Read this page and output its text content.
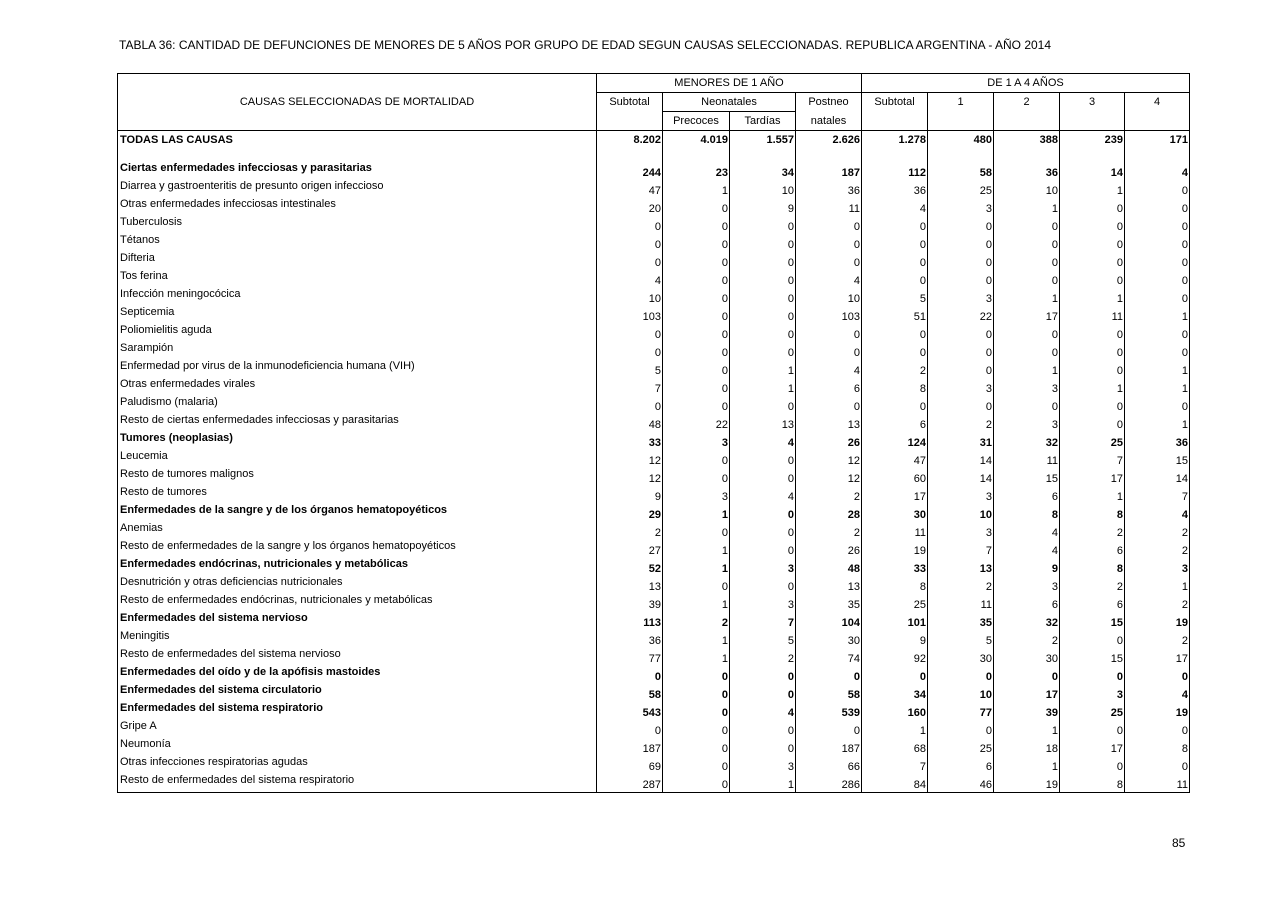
TABLA 36: CANTIDAD DE DEFUNCIONES DE MENORES DE 5 AÑOS POR GRUPO DE EDAD SEGUN CAUSAS SELECCIONADAS. REPUBLICA ARGENTINA - AÑO 2014
CAUSAS SELECCIONADAS DE MORTALIDAD	MENORES DE 1 AÑO				DE 1 A 4 AÑOS				
	Subtotal	Neonatales		Postneo	Subtotal	1	2	3	4
		Precoces	Tardías	natales					
TODAS LAS CAUSAS	8.202	4.019	1.557	2.626	1.278	480	388	239	171

Ciertas enfermedades infecciosas y parasitarias	244	23	34	187	112	58	36	14	4
Diarrea y gastroenteritis de presunto origen infeccioso	47	1	10	36	36	25	10	1	0
Otras enfermedades infecciosas intestinales	20	0	9	11	4	3	1	0	0
Tuberculosis	0	0	0	0	0	0	0	0	0
Tétanos	0	0	0	0	0	0	0	0	0
Difteria	0	0	0	0	0	0	0	0	0
Tos ferina	4	0	0	4	0	0	0	0	0
Infección meningocócica	10	0	0	10	5	3	1	1	0
Septicemia	103	0	0	103	51	22	17	11	1
Poliomielitis aguda	0	0	0	0	0	0	0	0	0
Sarampión	0	0	0	0	0	0	0	0	0
Enfermedad por virus de la inmunodeficiencia humana (VIH)	5	0	1	4	2	0	1	0	1
Otras enfermedades virales	7	0	1	6	8	3	3	1	1
Paludismo (malaria)	0	0	0	0	0	0	0	0	0
Resto de ciertas enfermedades infecciosas y parasitarias	48	22	13	13	6	2	3	0	1
Tumores (neoplasias)	33	3	4	26	124	31	32	25	36
Leucemia	12	0	0	12	47	14	11	7	15
Resto de tumores malignos	12	0	0	12	60	14	15	17	14
Resto de tumores	9	3	4	2	17	3	6	1	7
Enfermedades de la sangre y de los órganos hematopoyéticos	29	1	0	28	30	10	8	8	4
Anemias	2	0	0	2	11	3	4	2	2
Resto de enfermedades de la sangre y los órganos hematopoyéticos	27	1	0	26	19	7	4	6	2
Enfermedades endócrinas, nutricionales y metabólicas	52	1	3	48	33	13	9	8	3
Desnutrición y otras deficiencias nutricionales	13	0	0	13	8	2	3	2	1
Resto de enfermedades endócrinas, nutricionales y metabólicas	39	1	3	35	25	11	6	6	2
Enfermedades del sistema nervioso	113	2	7	104	101	35	32	15	19
Meningitis	36	1	5	30	9	5	2	0	2
Resto de enfermedades del sistema nervioso	77	1	2	74	92	30	30	15	17
Enfermedades del oído y de la apófisis mastoides	0	0	0	0	0	0	0	0	0
Enfermedades del sistema circulatorio	58	0	0	58	34	10	17	3	4
Enfermedades del sistema respiratorio	543	0	4	539	160	77	39	25	19
Gripe A	0	0	0	0	1	0	1	0	0
Neumonía	187	0	0	187	68	25	18	17	8
Otras infecciones respiratorias agudas	69	0	3	66	7	6	1	0	0
Resto de enfermedades del sistema respiratorio	287	0	1	286	84	46	19	8	11
85
